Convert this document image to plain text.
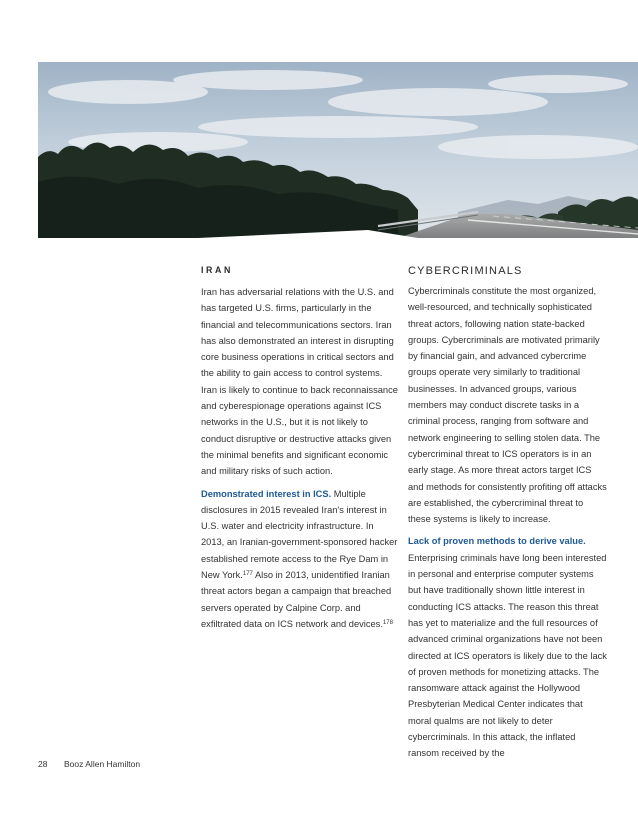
IRAN

Iran has adversarial relations with the U.S. and has targeted U.S. firms, particularly in the financial and telecommunications sectors. Iran has also demonstrated an interest in disrupting core business operations in critical sectors and the ability to gain access to control systems. Iran is likely to continue to back reconnaissance and cyberespionage operations against ICS networks in the U.S., but it is not likely to conduct disruptive or destructive attacks given the minimal benefits and significant economic and military risks of such action.

Demonstrated interest in ICS. Multiple disclosures in 2015 revealed Iran's interest in U.S. water and electricity infrastructure. In 2013, an Iranian-government-sponsored hacker established remote access to the Rye Dam in New York.$^{177}$ Also in 2013, unidentified Iranian threat actors began a campaign that breached servers operated by Calpine Corp. and exfiltrated data on ICS network and devices.$^{178}$

CYBERCRIMINALS

Cybercriminals constitute the most organized, well-resourced, and technically sophisticated threat actors, following nation state-backed groups. Cybercriminals are motivated primarily by financial gain, and advanced cybercrime groups operate very similarly to traditional businesses. In advanced groups, various members may conduct discrete tasks in a criminal process, ranging from software and network engineering to selling stolen data. The cybercriminal threat to ICS operators is in an early stage. As more threat actors target ICS and methods for consistently profiting off attacks are established, the cybercriminal threat to these systems is likely to increase.

Lack of proven methods to derive value. Enterprising criminals have long been interested in personal and enterprise computer systems but have traditionally shown little interest in conducting ICS attacks. The reason this threat has yet to materialize and the full resources of advanced criminal organizations have not been directed at ICS operators is likely due to the lack of proven methods for monetizing attacks. The ransomware attack against the Hollywood Presbyterian Medical Center indicates that moral qualms are not likely to deter cybercriminals. In this attack, the inflated ransom received by the

28 Booz Allen Hamilton
